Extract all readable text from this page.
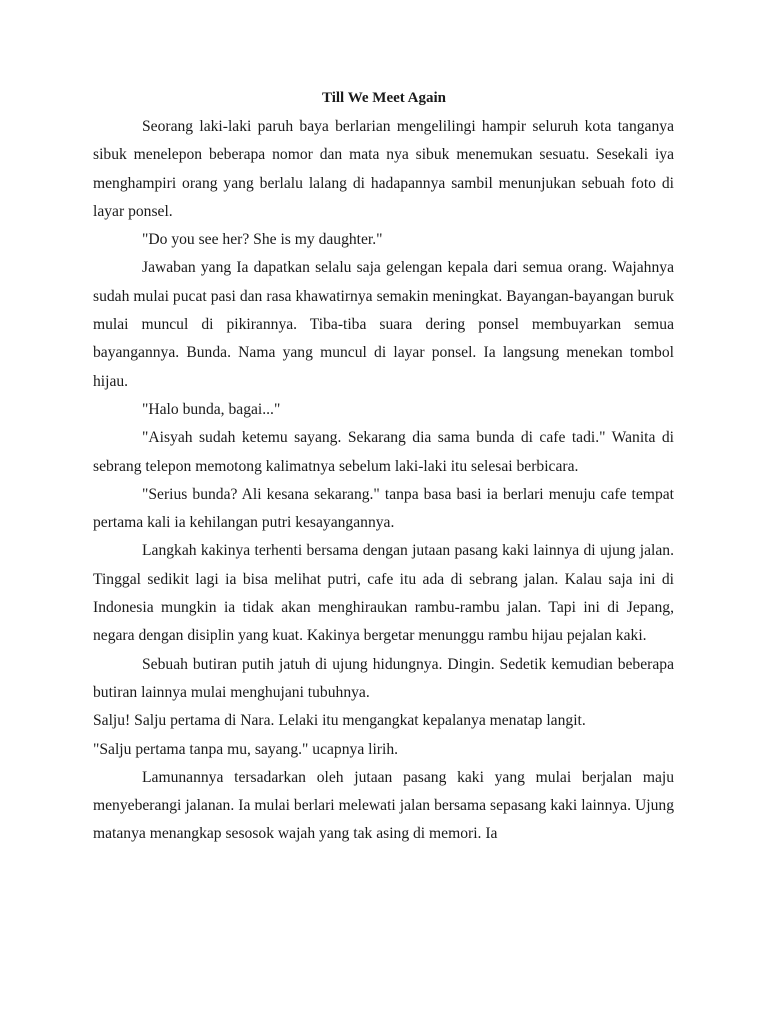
Till We Meet Again

Seorang laki-laki paruh baya berlarian mengelilingi hampir seluruh kota tanganya sibuk menelepon beberapa nomor dan mata nya sibuk menemukan sesuatu. Sesekali iya menghampiri orang yang berlalu lalang di hadapannya sambil menunjukan sebuah foto di layar ponsel.

"Do you see her? She is my daughter."

Jawaban yang Ia dapatkan selalu saja gelengan kepala dari semua orang. Wajahnya sudah mulai pucat pasi dan rasa khawatirnya semakin meningkat. Bayangan-bayangan buruk mulai muncul di pikirannya. Tiba-tiba suara dering ponsel membuyarkan semua bayangannya. Bunda. Nama yang muncul di layar ponsel. Ia langsung menekan tombol hijau.

"Halo bunda, bagai..."

"Aisyah sudah ketemu sayang. Sekarang dia sama bunda di cafe tadi." Wanita di sebrang telepon memotong kalimatnya sebelum laki-laki itu selesai berbicara.

"Serius bunda? Ali kesana sekarang." tanpa basa basi ia berlari menuju cafe tempat pertama kali ia kehilangan putri kesayangannya.

Langkah kakinya terhenti bersama dengan jutaan pasang kaki lainnya di ujung jalan. Tinggal sedikit lagi ia bisa melihat putri, cafe itu ada di sebrang jalan. Kalau saja ini di Indonesia mungkin ia tidak akan menghiraukan rambu-rambu jalan. Tapi ini di Jepang, negara dengan disiplin yang kuat. Kakinya bergetar menunggu rambu hijau pejalan kaki.

Sebuah butiran putih jatuh di ujung hidungnya. Dingin. Sedetik kemudian beberapa butiran lainnya mulai menghujani tubuhnya.

Salju! Salju pertama di Nara. Lelaki itu mengangkat kepalanya menatap langit.

"Salju pertama tanpa mu, sayang." ucapnya lirih.

Lamunannya tersadarkan oleh jutaan pasang kaki yang mulai berjalan maju menyeberangi jalanan. Ia mulai berlari melewati jalan bersama sepasang kaki lainnya. Ujung matanya menangkap sesosok wajah yang tak asing di memori. Ia
